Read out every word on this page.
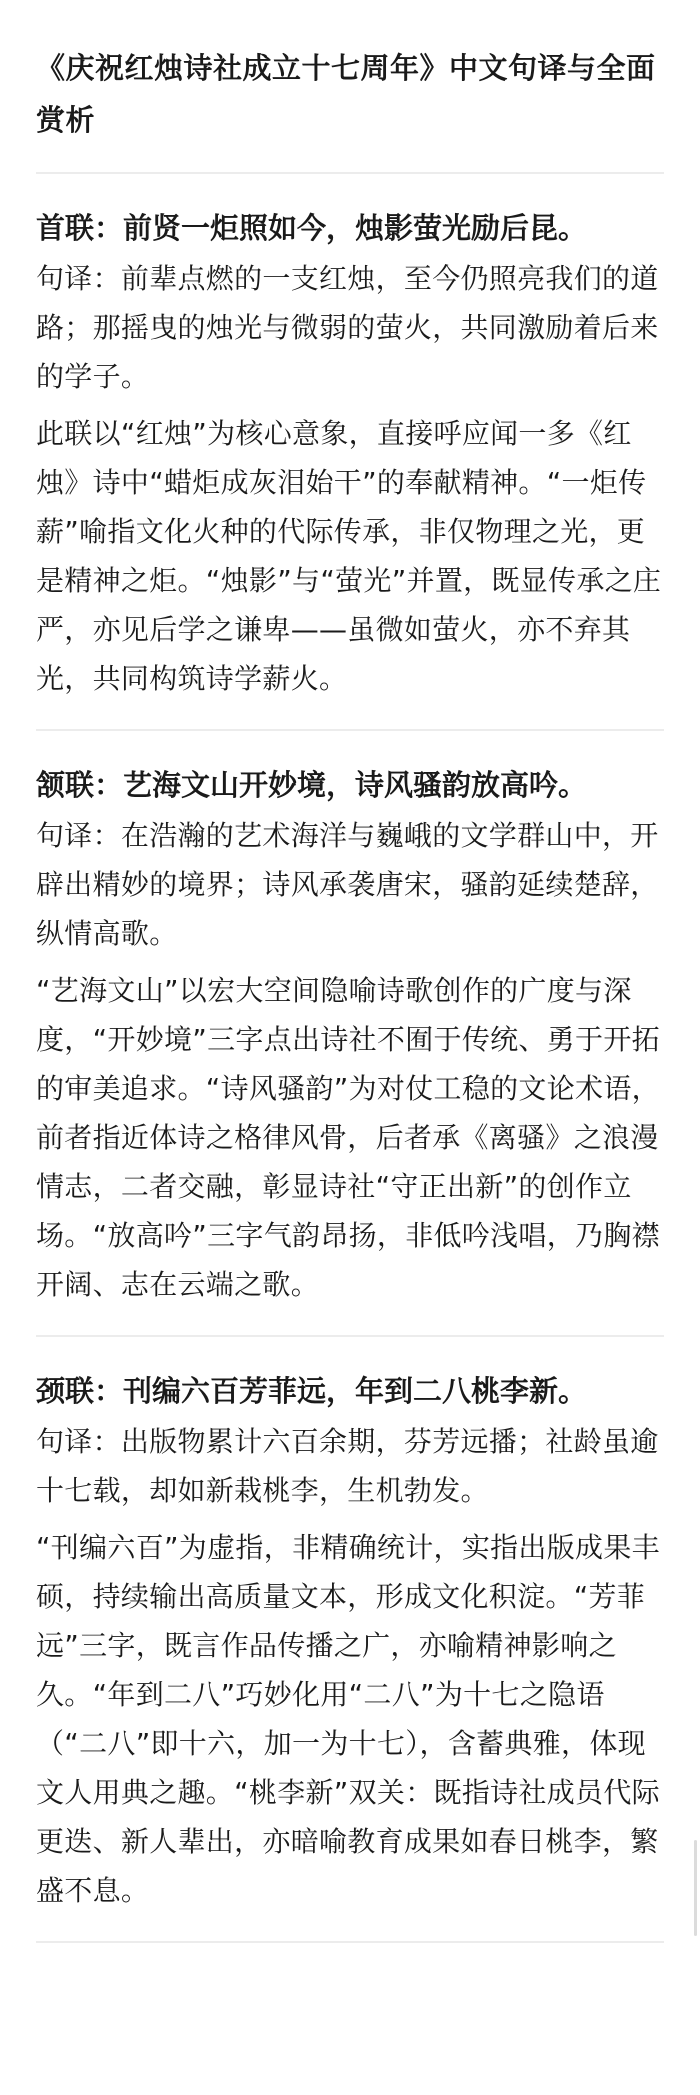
《庆祝红烛诗社成立十七周年》中文句译与全面赏析
首联：前贤一炬照如今，烛影萤光励后昆。

句译：前辈点燃的一支红烛，至今仍照亮我们的道路；那摇曳的烛光与微弱的萤火，共同激励着后来的学子。

此联以“红烛”为核心意象，直接呼应闻一多《红烛》诗中“蜡炬成灰泪始干”的奉献精神。“一炬传薪”喻指文化火种的代际传承，非仅物理之光，更是精神之炬。“烛影”与“萤光”并置，既显传承之庄严，亦见后学之谦卑——虽微如萤火，亦不弃其光，共同构筑诗学薪火。

颔联：艺海文山开妙境，诗风骚韵放高吟。

句译：在浩瀚的艺术海洋与巍峨的文学群山中，开辟出精妙的境界；诗风承袭唐宋，骚韵延续楚辞，纵情高歌。

“艺海文山”以宏大空间隐喻诗歌创作的广度与深度，“开妙境”三字点出诗社不囿于传统、勇于开拓的审美追求。“诗风骚韵”为对仗工稳的文论术语，前者指近体诗之格律风骨，后者承《离骚》之浪漫情志，二者交融，彰显诗社“守正出新”的创作立场。“放高吟”三字气韵昂扬，非低吟浅唱，乃胸襟开阔、志在云端之歌。

颈联：刊编六百芳菲远，年到二八桃李新。

句译：出版物累计六百余期，芬芳远播；社龄虽逾十七载，却如新栽桃李，生机勃发。

“刊编六百”为虚指，非精确统计，实指出版成果丰硕，持续输出高质量文本，形成文化积淀。“芳菲远”三字，既言作品传播之广，亦喻精神影响之久。“年到二八”巧妙化用“二八”为十七之隐语（“二八”即十六，加一为十七），含蓄典雅，体现文人用典之趣。“桃李新”双关：既指诗社成员代际更迭、新人辈出，亦暗喻教育成果如春日桃李，繁盛不息。
